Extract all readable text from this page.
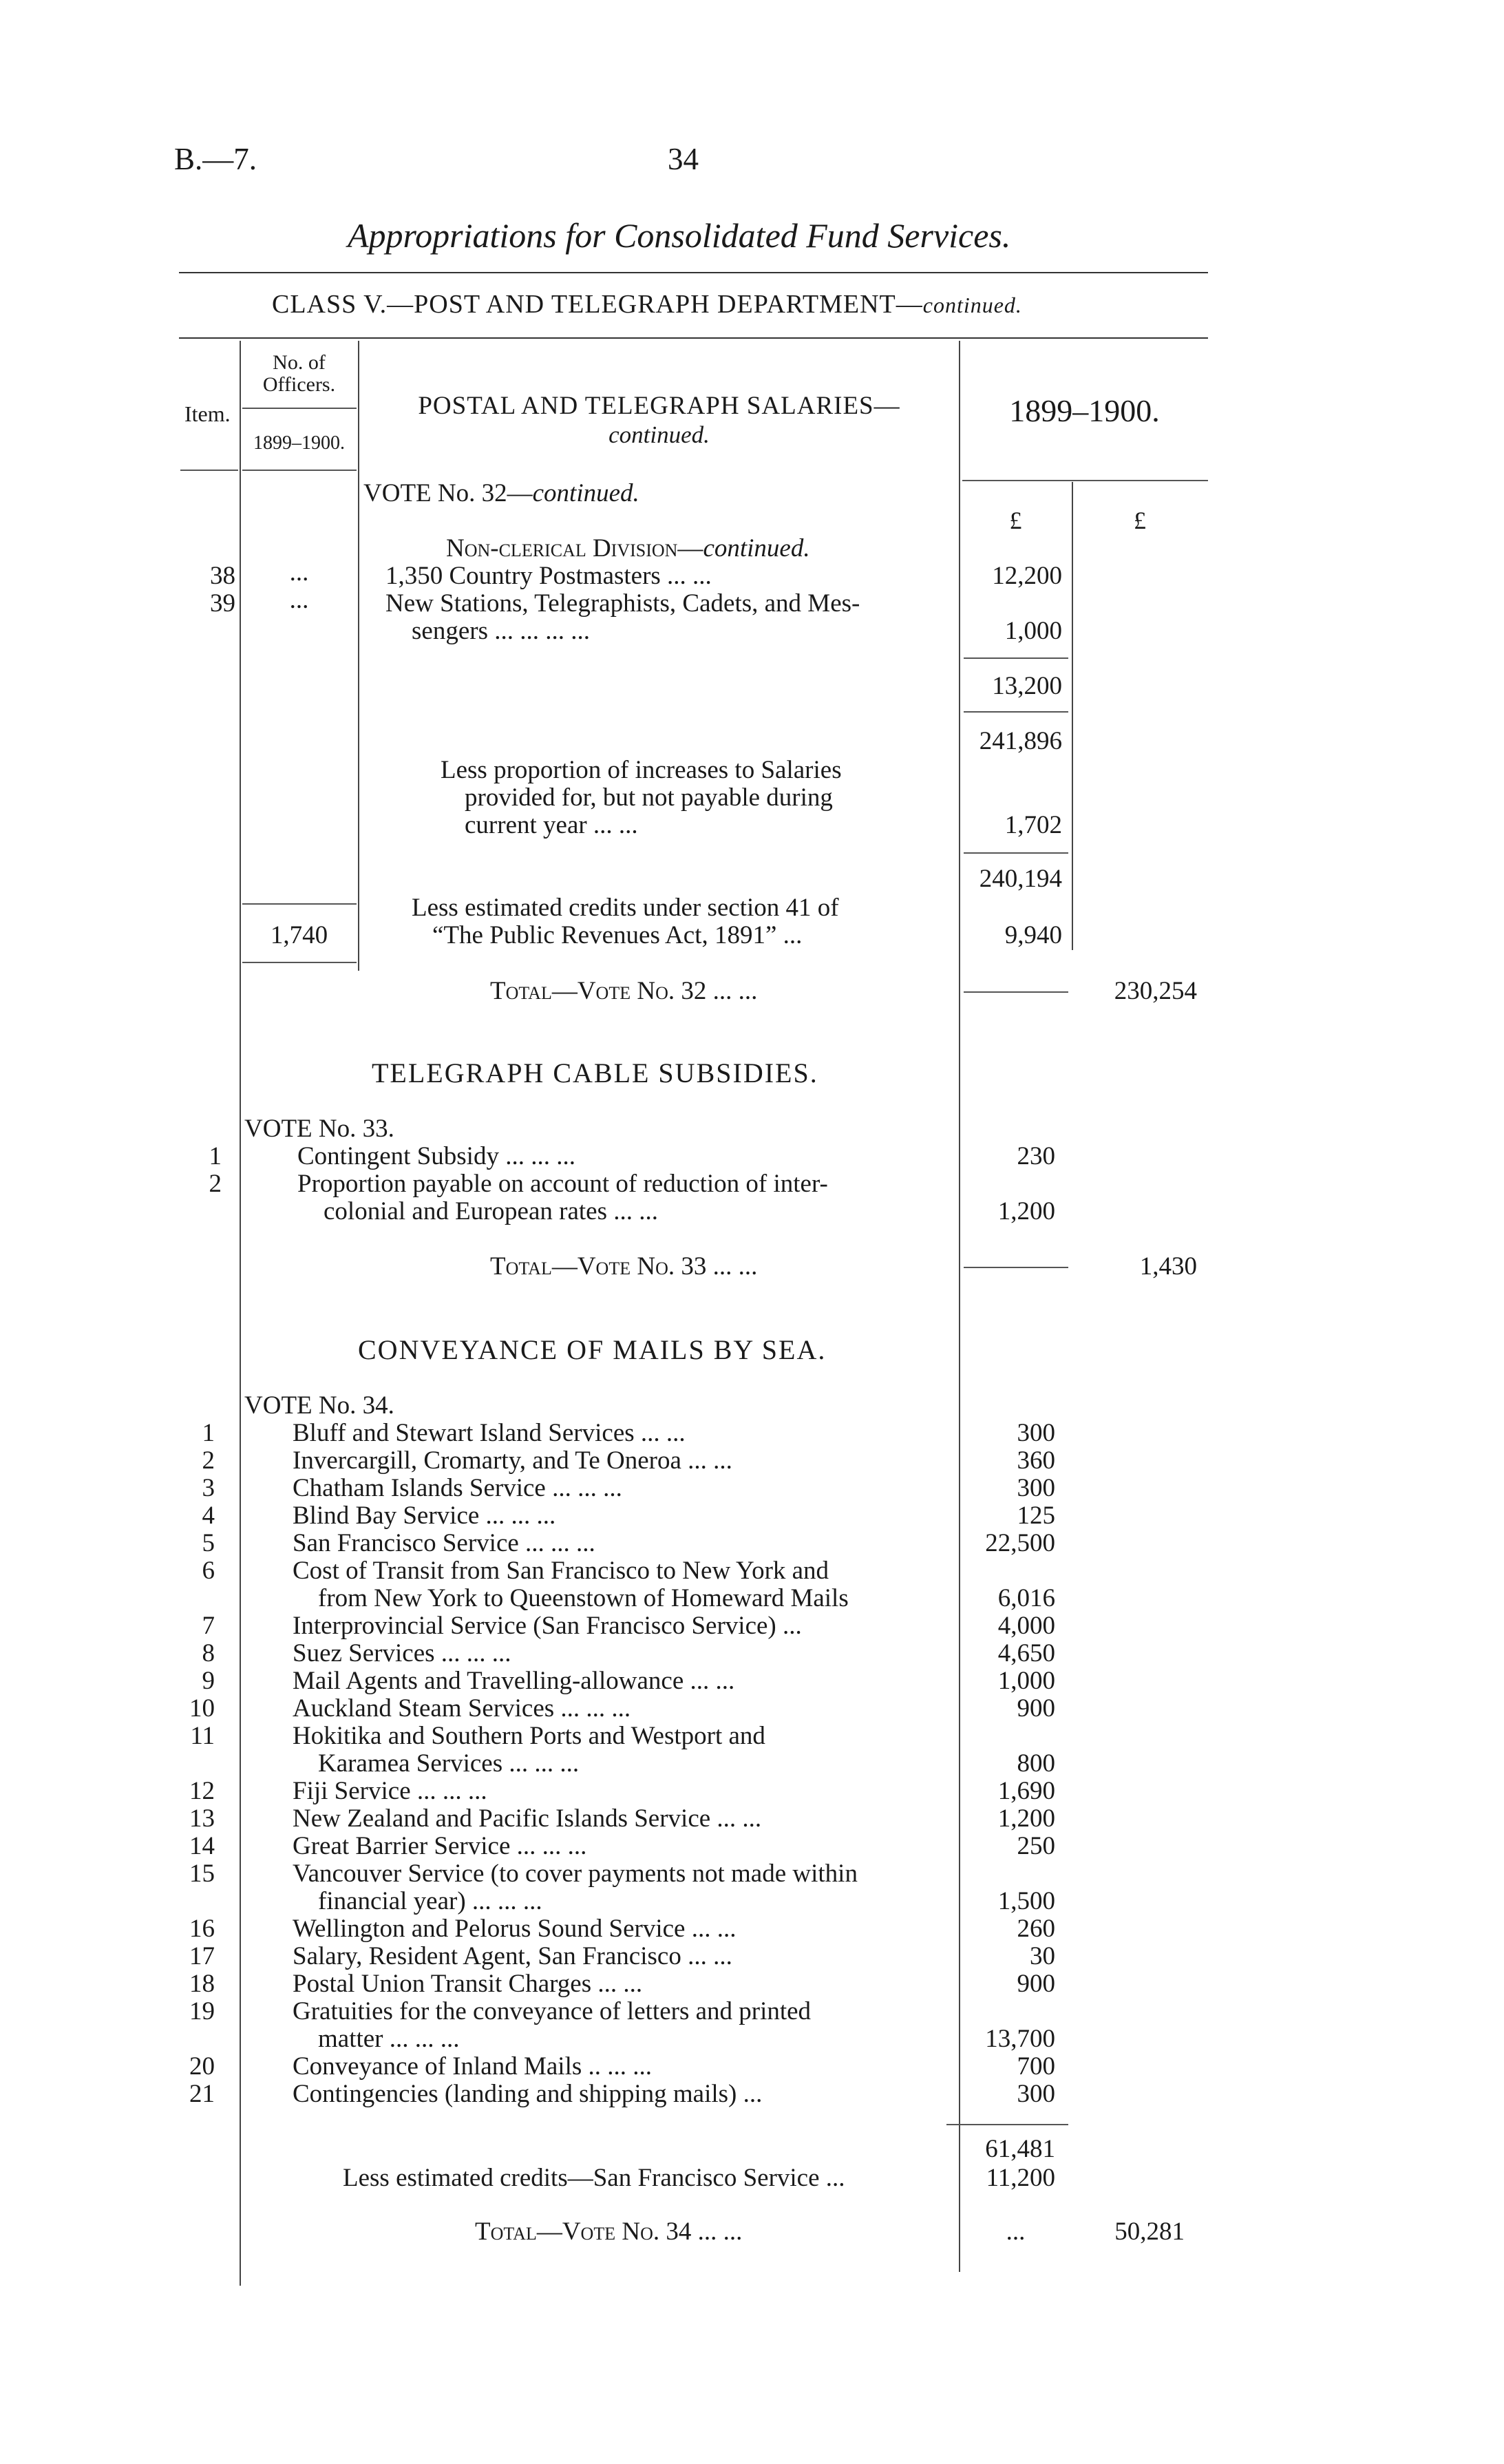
B.—7.	34
Appropriations for Consolidated Fund Services.
CLASS V.—POST AND TELEGRAPH DEPARTMENT—continued.
Item.
No. of
Officers.
1899–1900.
POSTAL AND TELEGRAPH SALARIES—
continued.
1899–1900.
£	£
VOTE No. 32—continued.
Non-clerical Division—continued.
38	...	1,350 Country Postmasters ... ...	12,200
39	...	New Stations, Telegraphists, Cadets, and Mes-
sengers ... ... ... ...	1,000
13,200
241,896
Less proportion of increases to Salaries
provided for, but not payable during
current year ... ...	1,702
240,194
Less estimated credits under section 41 of
“The Public Revenues Act, 1891” ...
1,740	9,940
Total—Vote No. 32 ... ...	230,254
TELEGRAPH CABLE SUBSIDIES.
VOTE No. 33.
1	Contingent Subsidy ... ... ...	230
2	Proportion payable on account of reduction of inter-
colonial and European rates ... ...	1,200
Total—Vote No. 33 ... ...	1,430
CONVEYANCE OF MAILS BY SEA.
VOTE No. 34.
1	Bluff and Stewart Island Services ... ...	300
2	Invercargill, Cromarty, and Te Oneroa ... ...	360
3	Chatham Islands Service ... ... ...	300
4	Blind Bay Service ... ... ...	125
5	San Francisco Service ... ... ...	22,500
6	Cost of Transit from San Francisco to New York and
from New York to Queenstown of Homeward Mails	6,016
7	Interprovincial Service (San Francisco Service) ...	4,000
8	Suez Services ... ... ...	4,650
9	Mail Agents and Travelling-allowance ... ...	1,000
10	Auckland Steam Services ... ... ...	900
11	Hokitika and Southern Ports and Westport and
Karamea Services ... ... ...	800
12	Fiji Service ... ... ...	1,690
13	New Zealand and Pacific Islands Service ... ...	1,200
14	Great Barrier Service ... ... ...	250
15	Vancouver Service (to cover payments not made within
financial year) ... ... ...	1,500
16	Wellington and Pelorus Sound Service ... ...	260
17	Salary, Resident Agent, San Francisco ... ...	30
18	Postal Union Transit Charges ... ...	900
19	Gratuities for the conveyance of letters and printed
matter ... ... ...	13,700
20	Conveyance of Inland Mails .. ... ...	700
21	Contingencies (landing and shipping mails) ...	300
61,481
Less estimated credits—San Francisco Service ...	11,200
Total—Vote No. 34 ... ...	...	50,281
